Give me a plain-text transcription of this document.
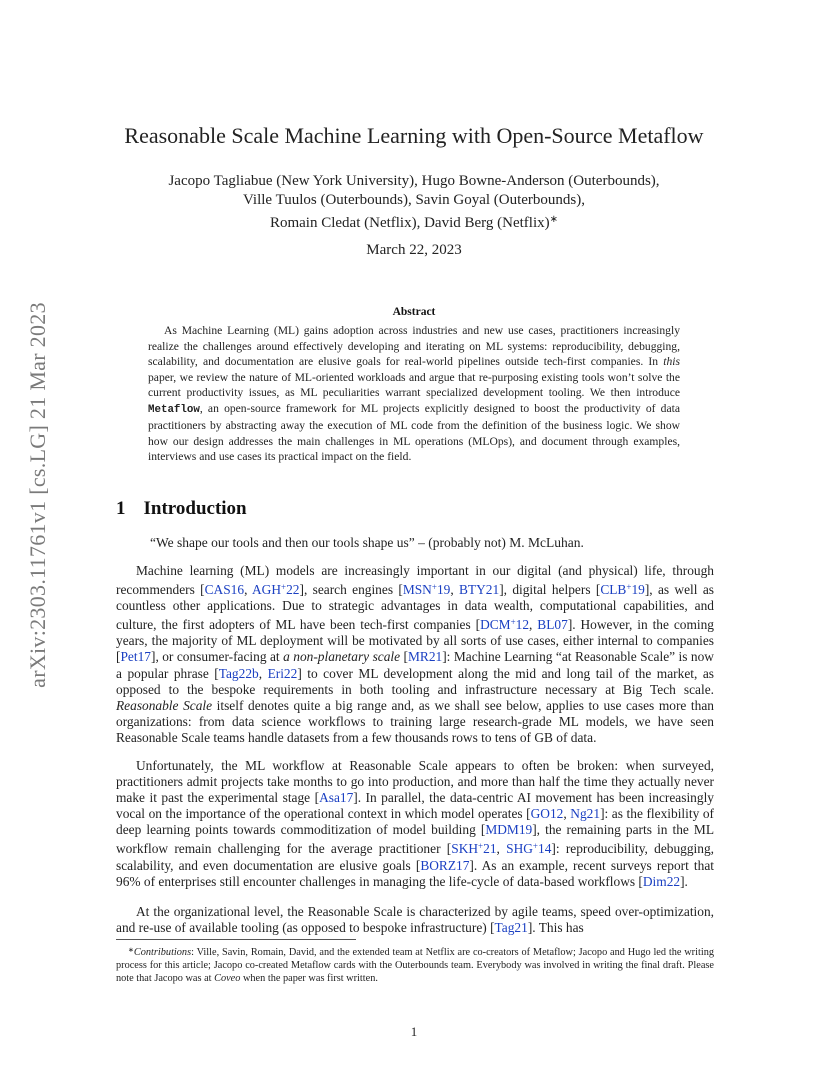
arXiv:2303.11761v1 [cs.LG] 21 Mar 2023
Reasonable Scale Machine Learning with Open-Source Metaflow
Jacopo Tagliabue (New York University), Hugo Bowne-Anderson (Outerbounds),
Ville Tuulos (Outerbounds), Savin Goyal (Outerbounds),
Romain Cledat (Netflix), David Berg (Netflix)∗
March 22, 2023
Abstract
As Machine Learning (ML) gains adoption across industries and new use cases, practitioners increasingly realize the challenges around effectively developing and iterating on ML systems: reproducibility, debugging, scalability, and documentation are elusive goals for real-world pipelines outside tech-first companies. In this paper, we review the nature of ML-oriented workloads and argue that re-purposing existing tools won’t solve the current productivity issues, as ML peculiarities warrant specialized development tooling. We then introduce Metaflow, an open-source framework for ML projects explicitly designed to boost the productivity of data practitioners by abstracting away the execution of ML code from the definition of the business logic. We show how our design addresses the main challenges in ML operations (MLOps), and document through examples, interviews and use cases its practical impact on the field.
1 Introduction
“We shape our tools and then our tools shape us” – (probably not) M. McLuhan.

Machine learning (ML) models are increasingly important in our digital (and physical) life, through recommenders [CAS16, AGH+22], search engines [MSN+19, BTY21], digital helpers [CLB+19], as well as countless other applications. Due to strategic advantages in data wealth, computational capabilities, and culture, the first adopters of ML have been tech-first companies [DCM+12, BL07]. However, in the coming years, the majority of ML deployment will be motivated by all sorts of use cases, either internal to companies [Pet17], or consumer-facing at a non-planetary scale [MR21]: Machine Learning “at Reasonable Scale” is now a popular phrase [Tag22b, Eri22] to cover ML development along the mid and long tail of the market, as opposed to the bespoke requirements in both tooling and infrastructure necessary at Big Tech scale. Reasonable Scale itself denotes quite a big range and, as we shall see below, applies to use cases more than organizations: from data science workflows to training large research-grade ML models, we have seen Reasonable Scale teams handle datasets from a few thousands rows to tens of GB of data.

Unfortunately, the ML workflow at Reasonable Scale appears to often be broken: when surveyed, practitioners admit projects take months to go into production, and more than half the time they actually never make it past the experimental stage [Asa17]. In parallel, the data-centric AI movement has been increasingly vocal on the importance of the operational context in which model operates [GO12, Ng21]: as the flexibility of deep learning points towards commoditization of model building [MDM19], the remaining parts in the ML workflow remain challenging for the average practitioner [SKH+21, SHG+14]: reproducibility, debugging, scalability, and even documentation are elusive goals [BORZ17]. As an example, recent surveys report that 96% of enterprises still encounter challenges in managing the life-cycle of data-based workflows [Dim22].

At the organizational level, the Reasonable Scale is characterized by agile teams, speed over-optimization, and re-use of available tooling (as opposed to bespoke infrastructure) [Tag21]. This has

∗Contributions: Ville, Savin, Romain, David, and the extended team at Netflix are co-creators of Metaflow; Jacopo and Hugo led the writing process for this article; Jacopo co-created Metaflow cards with the Outerbounds team. Everybody was involved in writing the final draft. Please note that Jacopo was at Coveo when the paper was first written.
1
